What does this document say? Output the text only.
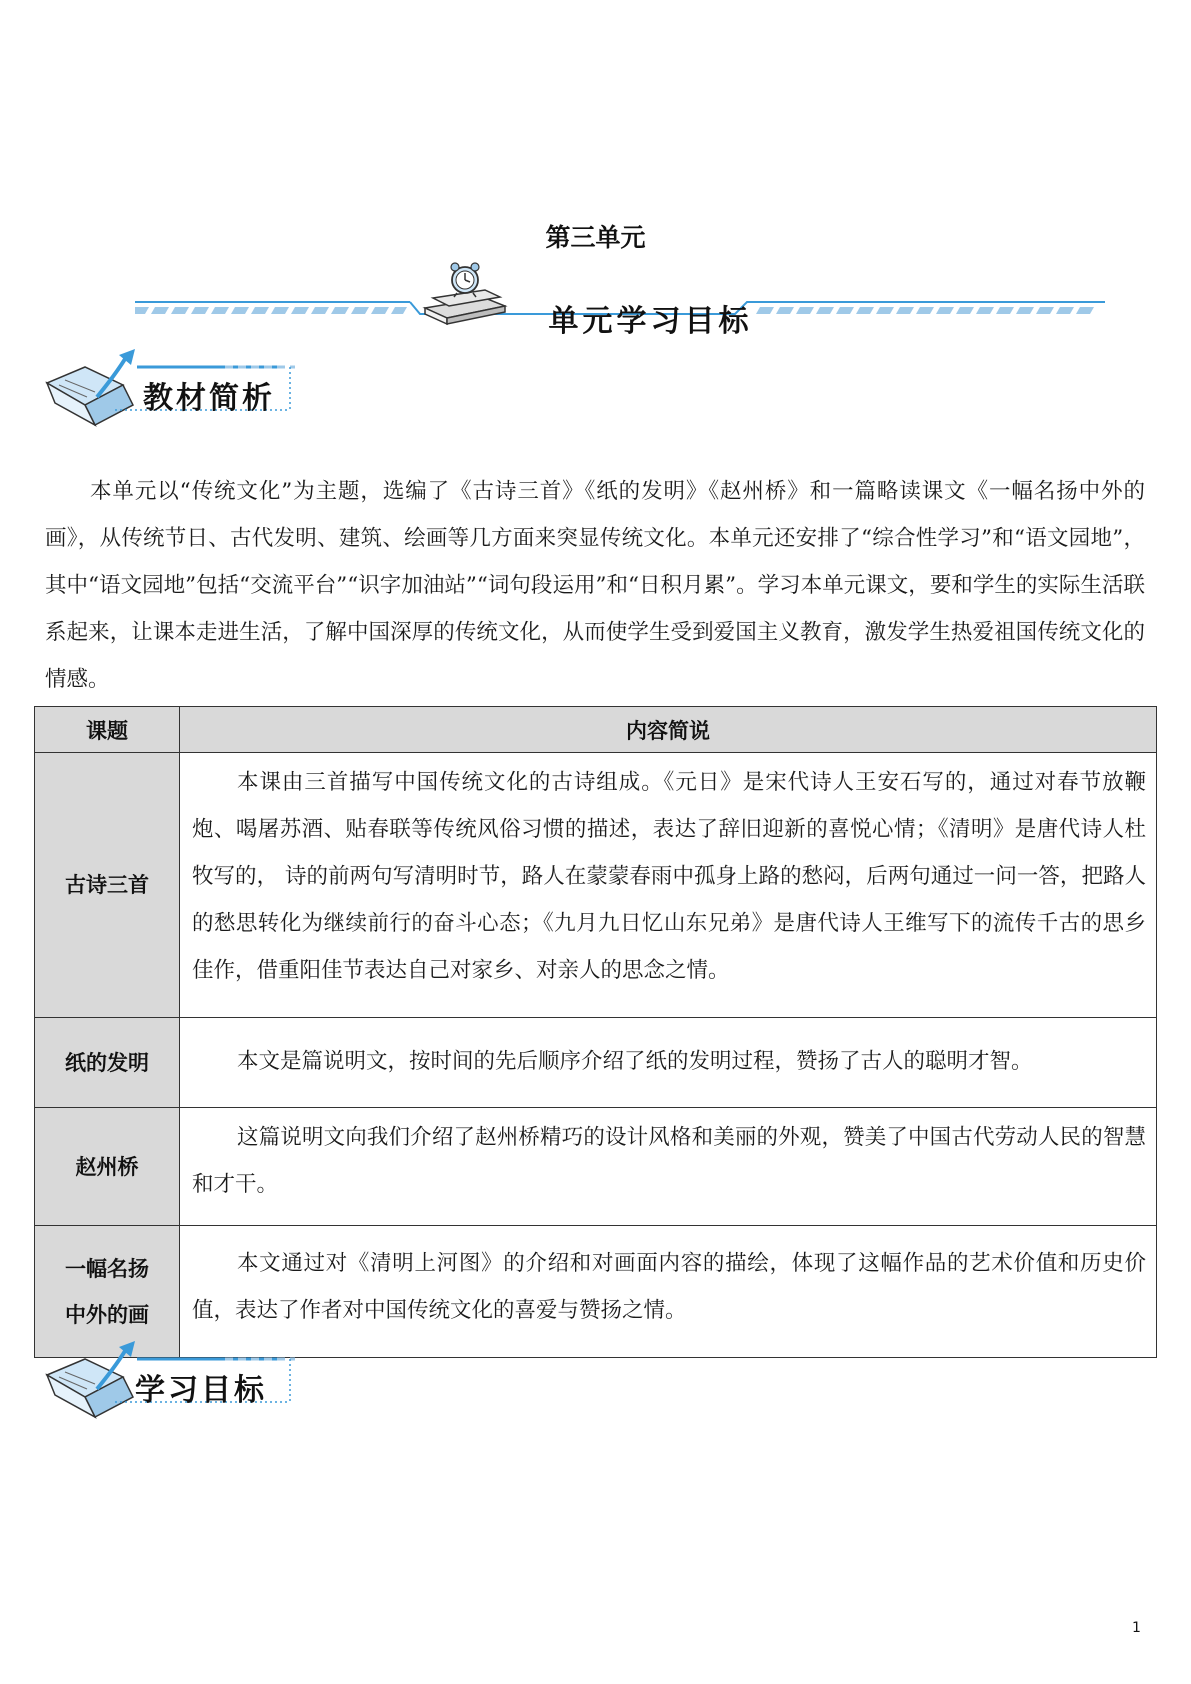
第三单元
单元学习目标
教材简析

本单元以“传统文化”为主题，选编了《古诗三首》《纸的发明》《赵州桥》和一篇略读课文《一幅名扬中外的画》，从传统节日、古代发明、建筑、绘画等几方面来突显传统文化。本单元还安排了“综合性学习”和“语文园地”，其中“语文园地”包括“交流平台”“识字加油站”“词句段运用”和“日积月累”。学习本单元课文，要和学生的实际生活联系起来，让课本走进生活，了解中国深厚的传统文化，从而使学生受到爱国主义教育，激发学生热爱祖国传统文化的情感。

课题	内容简说
古诗三首	本课由三首描写中国传统文化的古诗组成。《元日》是宋代诗人王安石写的，通过对春节放鞭炮、喝屠苏酒、贴春联等传统风俗习惯的描述，表达了辞旧迎新的喜悦心情；《清明》是唐代诗人杜牧写的， 诗的前两句写清明时节，路人在蒙蒙春雨中孤身上路的愁闷，后两句通过一问一答，把路人的愁思转化为继续前行的奋斗心态；《九月九日忆山东兄弟》是唐代诗人王维写下的流传千古的思乡佳作，借重阳佳节表达自己对家乡、对亲人的思念之情。
纸的发明	本文是篇说明文，按时间的先后顺序介绍了纸的发明过程，赞扬了古人的聪明才智。
赵州桥	这篇说明文向我们介绍了赵州桥精巧的设计风格和美丽的外观，赞美了中国古代劳动人民的智慧和才干。

一幅名扬
中外的画	本文通过对《清明上河图》的介绍和对画面内容的描绘，体现了这幅作品的艺术价值和历史价值，表达了作者对中国传统文化的喜爱与赞扬之情。
学习目标
1
